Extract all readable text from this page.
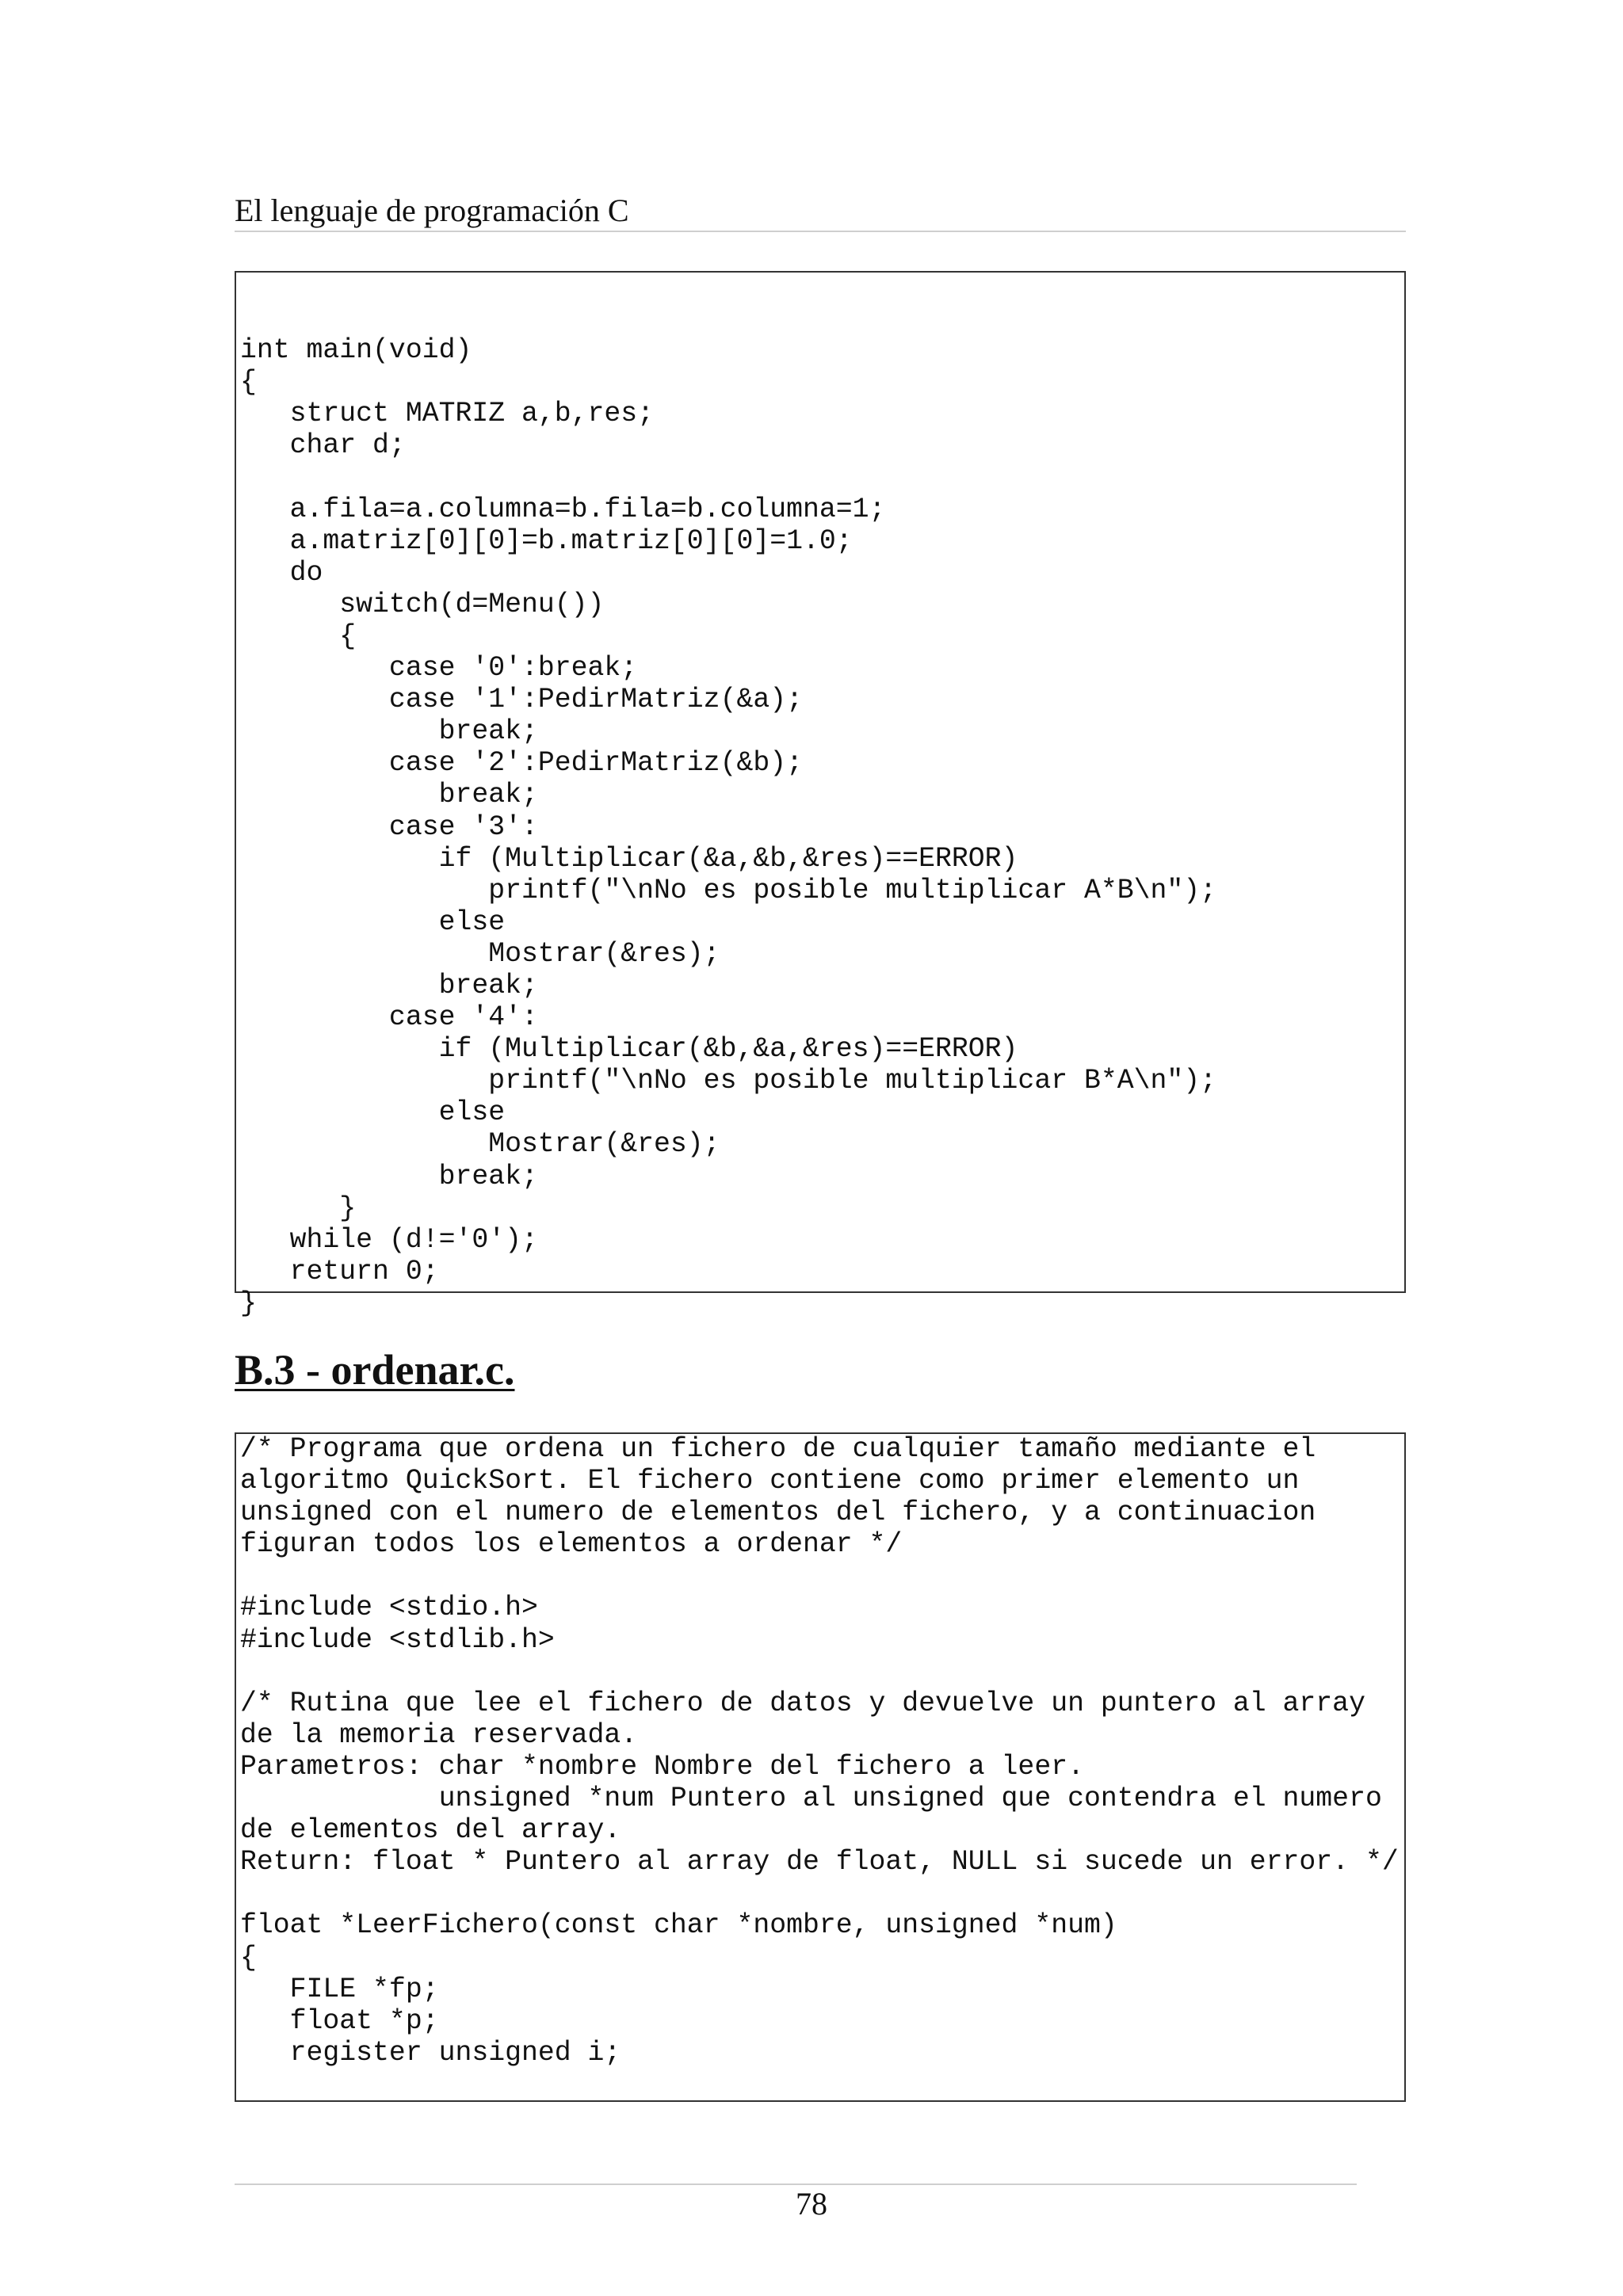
El lenguaje de programación C

int main(void)
{
struct MATRIZ a,b,res;
char d;

a.fila=a.columna=b.fila=b.columna=1;
a.matriz[0][0]=b.matriz[0][0]=1.0;
do
switch(d=Menu())
{
case '0':break;
case '1':PedirMatriz(&a);
break;
case '2':PedirMatriz(&b);
break;
case '3':
if (Multiplicar(&a,&b,&res)==ERROR)
printf("\nNo es posible multiplicar A*B\n");
else
Mostrar(&res);
break;
case '4':
if (Multiplicar(&b,&a,&res)==ERROR)
printf("\nNo es posible multiplicar B*A\n");
else
Mostrar(&res);
break;
}
while (d!='0');
return 0;
}
B.3 - ordenar.c.
/* Programa que ordena un fichero de cualquier tamaño mediante el
algoritmo QuickSort. El fichero contiene como primer elemento un
unsigned con el numero de elementos del fichero, y a continuacion
figuran todos los elementos a ordenar */

#include <stdio.h>
#include <stdlib.h>

/* Rutina que lee el fichero de datos y devuelve un puntero al array
de la memoria reservada.
Parametros: char *nombre Nombre del fichero a leer.
unsigned *num Puntero al unsigned que contendra el numero
de elementos del array.
Return: float * Puntero al array de float, NULL si sucede un error. */

float *LeerFichero(const char *nombre, unsigned *num)
{
FILE *fp;
float *p;
register unsigned i;
78
